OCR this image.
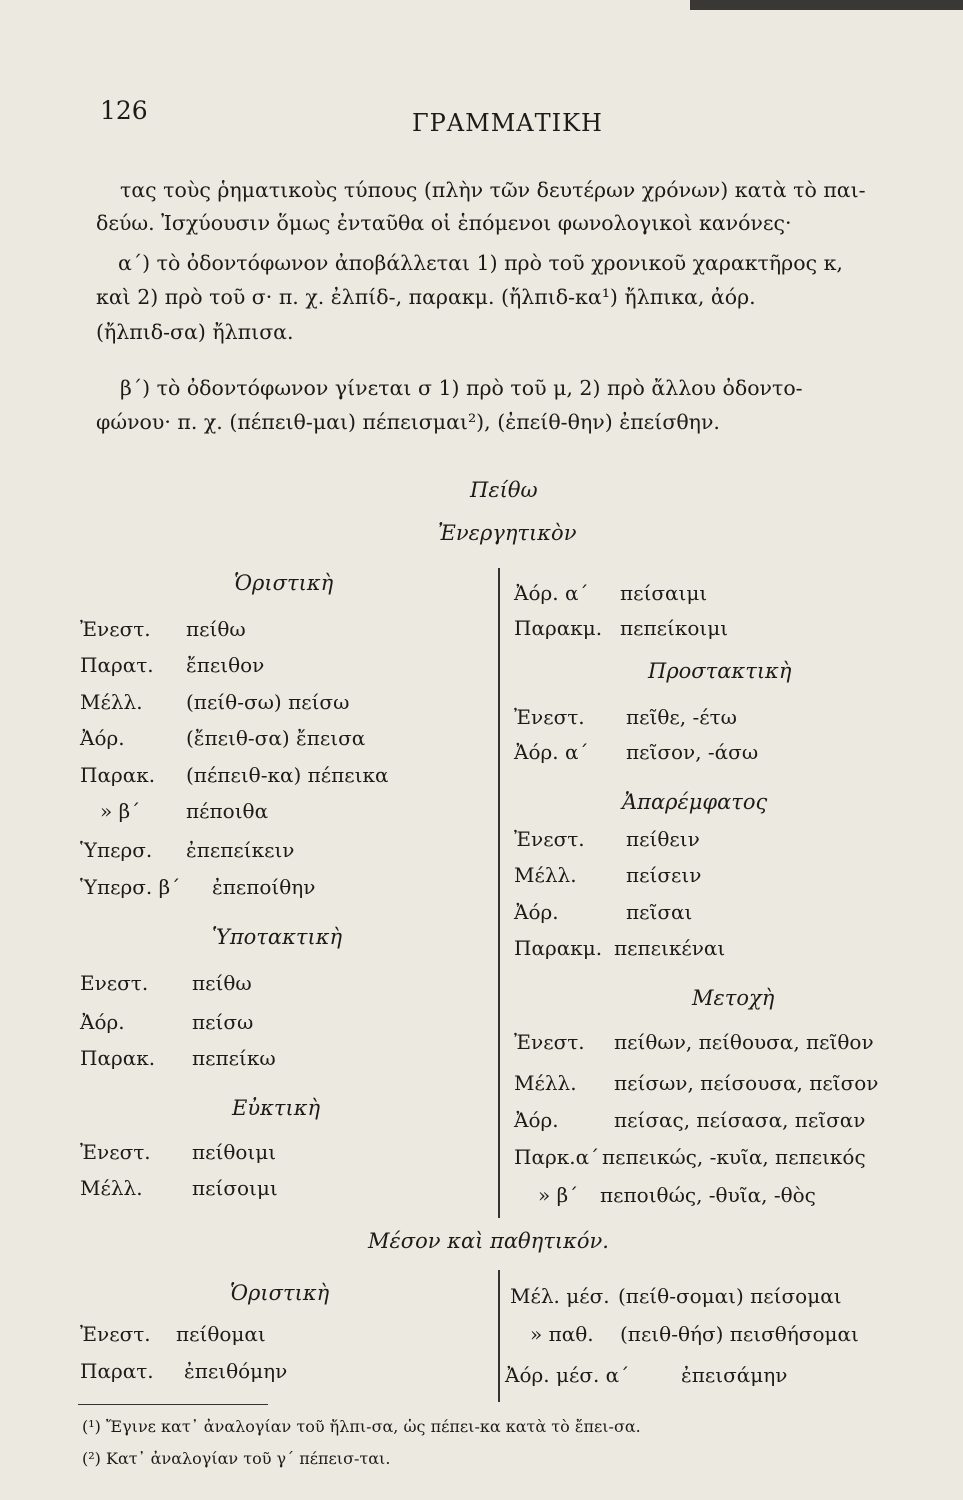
126	ΓΡΑΜΜΑΤΙΚΗ
τας τοὺς ῥηματικοὺς τύπους (πλὴν τῶν δευτέρων χρόνων) κατὰ τὸ παι-
δεύω. Ἰσχύουσιν ὅμως ἐνταῦθα οἱ ἑπόμενοι φωνολογικοὶ κανόνες·
α´) τὸ ὀδοντόφωνον ἀποβάλλεται 1) πρὸ τοῦ χρονικοῦ χαρακτῆρος κ,
καὶ 2) πρὸ τοῦ σ· π. χ. ἐλπίδ-, παρακμ. (ἤλπιδ-κα¹) ἤλπικα, ἀόρ.
(ἤλπιδ-σα) ἤλπισα.
β´) τὸ ὀδοντόφωνον γίνεται σ 1) πρὸ τοῦ μ, 2) πρὸ ἄλλου ὀδοντο-
φώνου· π. χ. (πέπειθ-μαι) πέπεισμαι²), (ἐπείθ-θην) ἐπείσθην.
Πείθω
Ἐνεργητικὸν
Ὁριστικὴ
Ἐνεστ. πείθω
Παρατ. ἔπειθον
Μέλλ. (πείθ-σω) πείσω
Ἀόρ.	(ἔπειθ-σα) ἔπεισα
Παρακ. (πέπειθ-κα) πέπεικα
» β´ πέποιθα
Ὑπερσ. ἐπεπείκειν
Ὑπερσ. β´ ἐπεποίθην
Ὑποτακτικὴ
Ενεστ. πείθω
Ἀόρ.	πείσω
Παρακ. πεπείκω
Εὐκτικὴ
Ἐνεστ. πείθοιμι
Μέλλ. πείσοιμι
Ἀόρ. α´ πείσαιμι
Παρακμ. πεπείκοιμι
Προστακτικὴ
Ἐνεστ. πεῖθε, -έτω
Ἀόρ. α´ πεῖσον, -άσω
Ἀπαρέμφατος
Ἐνεστ. πείθειν
Μέλλ. πείσειν
Ἀόρ.	πεῖσαι
Παρακμ. πεπεικέναι
Μετοχὴ
Ἐνεστ. πείθων, πείθουσα, πεῖθον
Μέλλ. πείσων, πείσουσα, πεῖσον
Ἀόρ.	πείσας, πείσασα, πεῖσαν
Παρκ.α´ πεπεικώς, -κυῖα, πεπεικός
» β´ πεποιθώς, -θυῖα, -θὸς
Μέσον καὶ παθητικόν.
Ὁριστικὴ
Ἐνεστ. πείθομαι
Παρατ. ἐπειθόμην
Μέλ. μέσ. (πείθ-σομαι) πείσομαι
» παθ. (πειθ-θήσ) πεισθήσομαι
Ἀόρ. μέσ. α´	ἐπεισάμην
(¹) Ἔγινε κατ᾽ ἀναλογίαν τοῦ ἤλπι-σα, ὡς πέπει-κα κατὰ τὸ ἔπει-σα.
(²) Κατ᾽ ἀναλογίαν τοῦ γ´ πέπεισ-ται.
